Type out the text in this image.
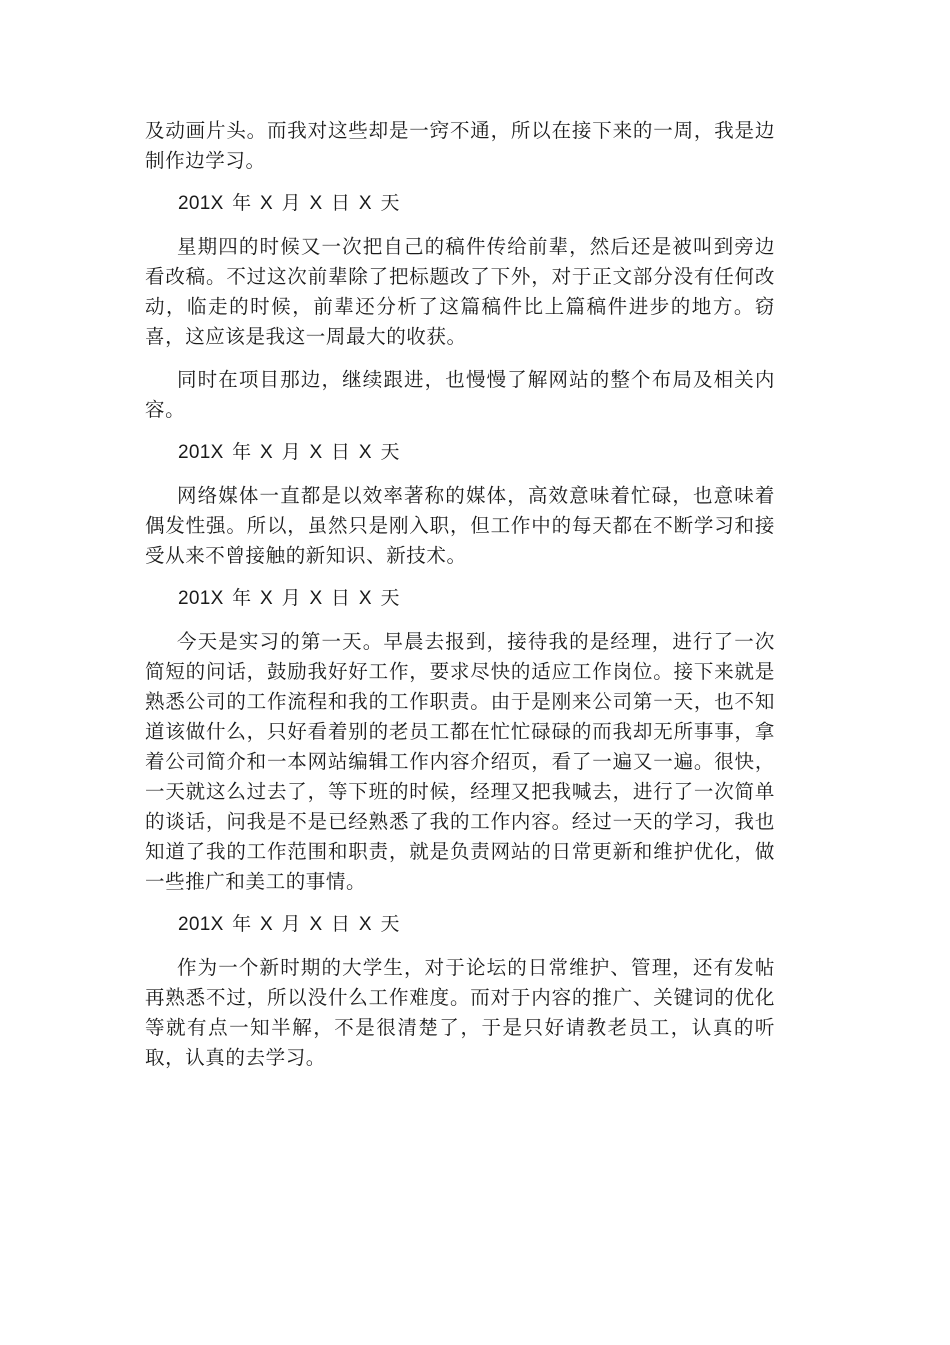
及动画片头。而我对这些却是一窍不通，所以在接下来的一周，我是边制作边学习。

201X 年 X 月 X 日 X 天

星期四的时候又一次把自己的稿件传给前辈，然后还是被叫到旁边看改稿。不过这次前辈除了把标题改了下外，对于正文部分没有任何改动，临走的时候，前辈还分析了这篇稿件比上篇稿件进步的地方。窃喜，这应该是我这一周最大的收获。

同时在项目那边，继续跟进，也慢慢了解网站的整个布局及相关内容。

201X 年 X 月 X 日 X 天

网络媒体一直都是以效率著称的媒体，高效意味着忙碌，也意味着偶发性强。所以，虽然只是刚入职，但工作中的每天都在不断学习和接受从来不曾接触的新知识、新技术。

201X 年 X 月 X 日 X 天

今天是实习的第一天。早晨去报到，接待我的是经理，进行了一次简短的问话，鼓励我好好工作，要求尽快的适应工作岗位。接下来就是熟悉公司的工作流程和我的工作职责。由于是刚来公司第一天，也不知道该做什么，只好看着别的老员工都在忙忙碌碌的而我却无所事事，拿着公司简介和一本网站编辑工作内容介绍页，看了一遍又一遍。很快，一天就这么过去了，等下班的时候，经理又把我喊去，进行了一次简单的谈话，问我是不是已经熟悉了我的工作内容。经过一天的学习，我也知道了我的工作范围和职责，就是负责网站的日常更新和维护优化，做一些推广和美工的事情。

201X 年 X 月 X 日 X 天

作为一个新时期的大学生，对于论坛的日常维护、管理，还有发帖再熟悉不过，所以没什么工作难度。而对于内容的推广、关键词的优化等就有点一知半解，不是很清楚了，于是只好请教老员工，认真的听取，认真的去学习。
